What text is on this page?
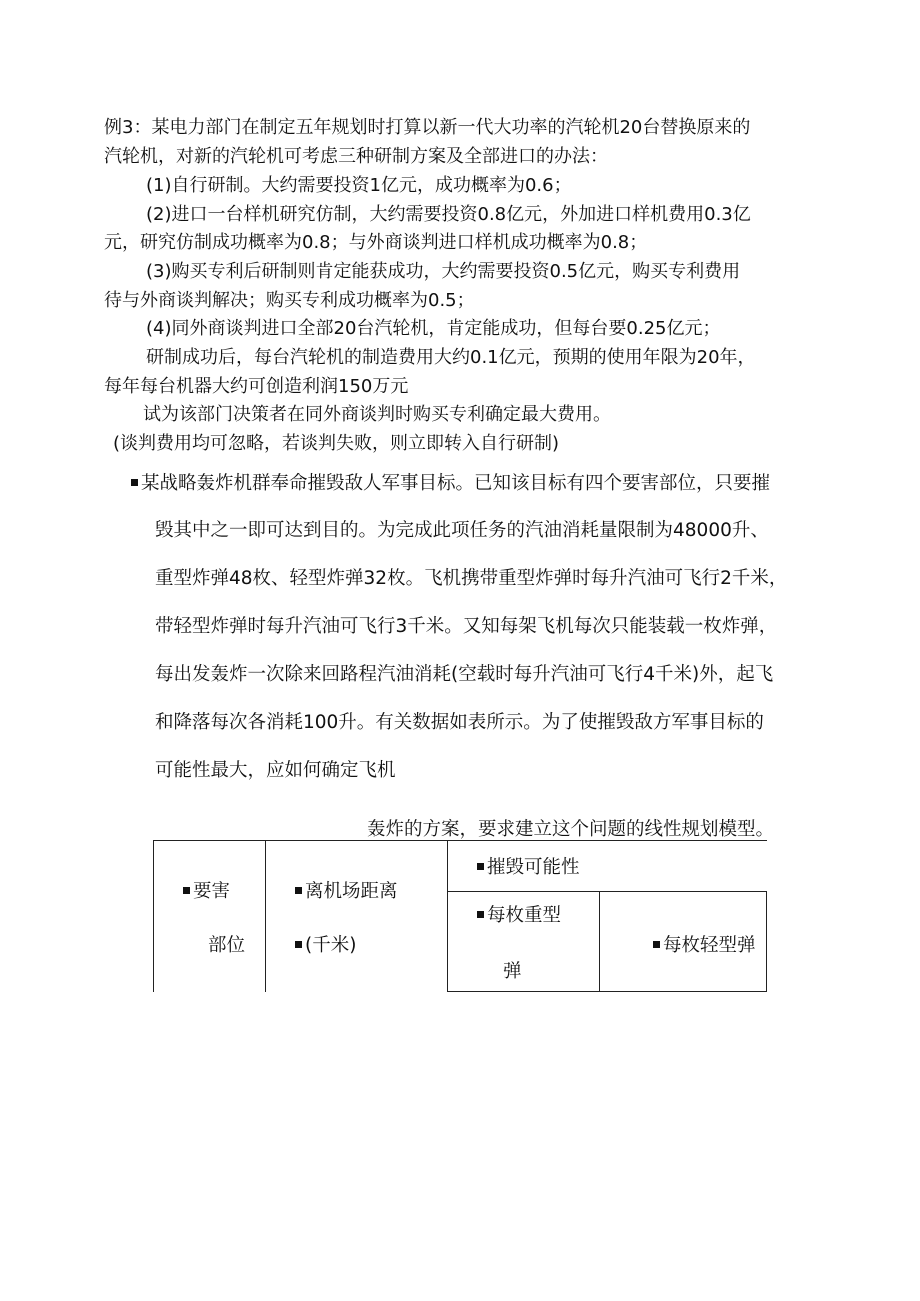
例3：某电力部门在制定五年规划时打算以新一代大功率的汽轮机20台替换原来的
汽轮机，对新的汽轮机可考虑三种研制方案及全部进口的办法：
(1)自行研制。大约需要投资1亿元，成功概率为0.6；
(2)进口一台样机研究仿制，大约需要投资0.8亿元，外加进口样机费用0.3亿
元，研究仿制成功概率为0.8；与外商谈判进口样机成功概率为0.8；
(3)购买专利后研制则肯定能获成功，大约需要投资0.5亿元，购买专利费用
待与外商谈判解决；购买专利成功概率为0.5；
(4)同外商谈判进口全部20台汽轮机，肯定能成功，但每台要0.25亿元；
研制成功后，每台汽轮机的制造费用大约0.1亿元，预期的使用年限为20年，
每年每台机器大约可创造利润150万元
试为该部门决策者在同外商谈判时购买专利确定最大费用。
(谈判费用均可忽略，若谈判失败，则立即转入自行研制)
某战略轰炸机群奉命摧毁敌人军事目标。已知该目标有四个要害部位，只要摧
毁其中之一即可达到目的。为完成此项任务的汽油消耗量限制为48000升、
重型炸弹48枚、轻型炸弹32枚。飞机携带重型炸弹时每升汽油可飞行2千米，
带轻型炸弹时每升汽油可飞行3千米。又知每架飞机每次只能装载一枚炸弹，
每出发轰炸一次除来回路程汽油消耗(空载时每升汽油可飞行4千米)外，起飞
和降落每次各消耗100升。有关数据如表所示。为了使摧毁敌方军事目标的
可能性最大，应如何确定飞机
轰炸的方案，要求建立这个问题的线性规划模型。
要害
部位
离机场距离
(千米)
摧毁可能性
每枚重型
弹
每枚轻型弹
